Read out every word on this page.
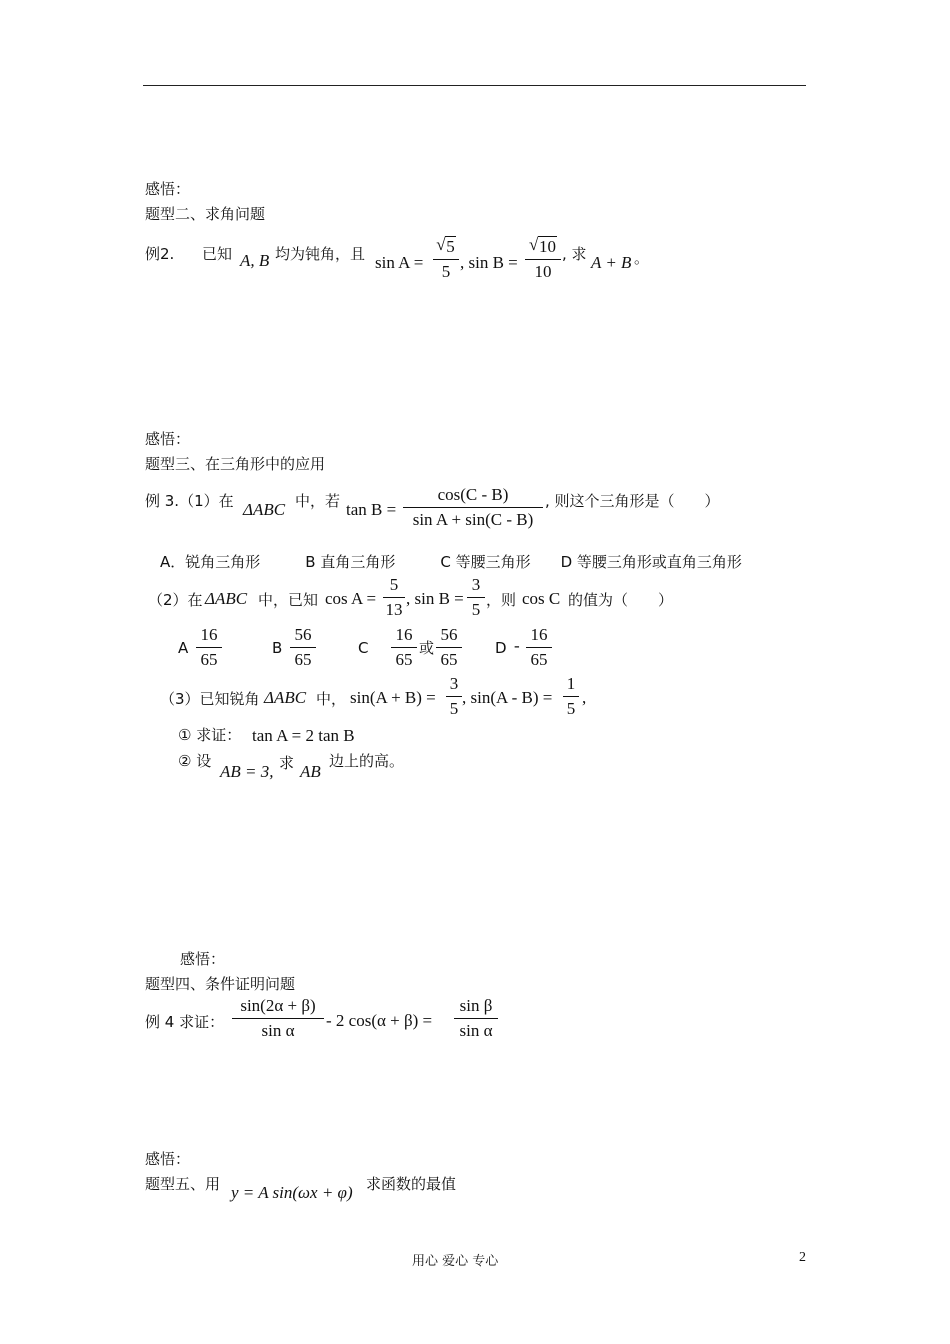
感悟：
题型二、求角问题
例2. 已知 A, B 均为钝角，且 sin A =
√ 5
5 , sin B =
√ 10
10
, 求 A + B 。
感悟：
题型三、在三角形中的应用
例 3.（1）在 ΔABC 中，若 tan B =
cos(C - B)
sin A + sin(C - B)
, 则这个三角形是（　　）
A．锐角三角形　　　B 直角三角形　　　C 等腰三角形　　D 等腰三角形或直角三角形
（2）在 ΔABC 中，已知 cos A =
5
13
, sin B =
3
5 ，则 cos C 的值为（　　）
A
16
65
B
56
65
C
16
65
或
56
65
D -
16
65
（3）已知锐角 ΔABC 中， sin(A + B) =
3
5
, sin(A - B) =
1
5
,
① 求证： tan A = 2 tan B
② 设
AB = 3, 求 AB
边上的高。
感悟：
题型四、条件证明问题
例 4 求证：
sin(2α + β)
sin α
- 2 cos(α + β) =
sin β
sin α
感悟：
题型五、用 y = A sin(ωx + φ) 求函数的最值
用心 爱心 专心	2
